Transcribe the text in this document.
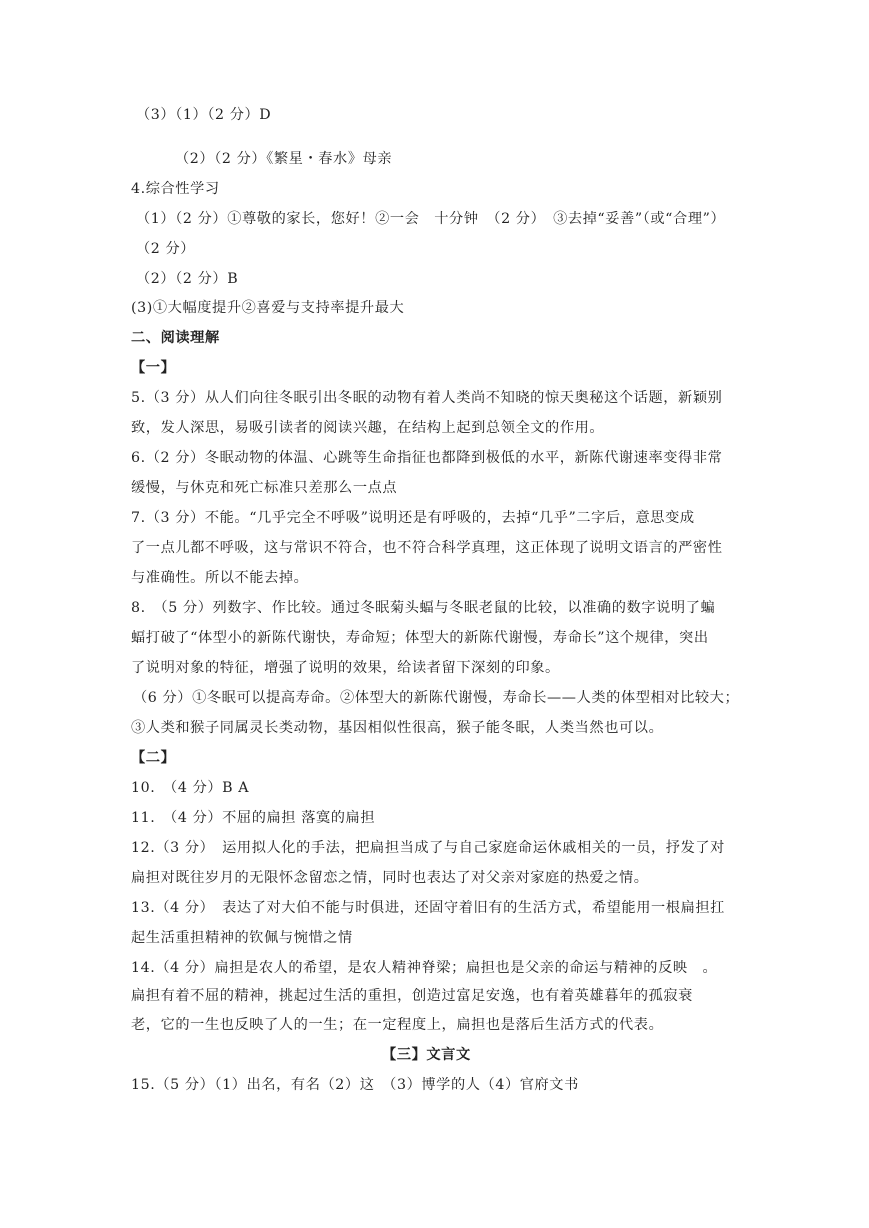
（3）（1）（2 分）D
（2）（2 分）《繁星・春水》母亲
4.综合性学习
（1）（2 分）①尊敬的家长，您好！②一会　十分钟　（2 分）　③去掉“妥善”（或“合理”）
（2 分）
（2）（2 分）B
(3)①大幅度提升②喜爱与支持率提升最大
二、阅读理解
【一】
5.（3 分）从人们向往冬眠引出冬眠的动物有着人类尚不知晓的惊天奥秘这个话题，新颖别
致，发人深思，易吸引读者的阅读兴趣，在结构上起到总领全文的作用。
6.（2 分）冬眠动物的体温、心跳等生命指征也都降到极低的水平，新陈代谢速率变得非常
缓慢，与休克和死亡标准只差那么一点点
7.（3 分）不能。“几乎完全不呼吸”说明还是有呼吸的，去掉“几乎”二字后，意思变成
了一点儿都不呼吸，这与常识不符合，也不符合科学真理，这正体现了说明文语言的严密性
与准确性。所以不能去掉。
8.　（5 分）列数字、作比较。通过冬眠菊头蝠与冬眠老鼠的比较，以准确的数字说明了蝙
蝠打破了“体型小的新陈代谢快，寿命短；体型大的新陈代谢慢，寿命长”这个规律，突出
了说明对象的特征，增强了说明的效果，给读者留下深刻的印象。
（6 分）①冬眠可以提高寿命。②体型大的新陈代谢慢，寿命长——人类的体型相对比较大；
③人类和猴子同属灵长类动物，基因相似性很高，猴子能冬眠，人类当然也可以。
【二】
10.　（4 分）B A
11.　（4 分）不屈的扁担 落寞的扁担
12.（3 分）　运用拟人化的手法，把扁担当成了与自己家庭命运休戚相关的一员，抒发了对
扁担对既往岁月的无限怀念留恋之情，同时也表达了对父亲对家庭的热爱之情。
13.（4 分）　表达了对大伯不能与时俱进，还固守着旧有的生活方式，希望能用一根扁担扛
起生活重担精神的钦佩与惋惜之情
14.（4 分）扁担是农人的希望，是农人精神脊梁；扁担也是父亲的命运与精神的反映　。
扁担有着不屈的精神，挑起过生活的重担，创造过富足安逸，也有着英雄暮年的孤寂衰
老，它的一生也反映了人的一生；在一定程度上，扁担也是落后生活方式的代表。
【三】文言文
15.（5 分）（1）出名，有名（2）这　（3）博学的人（4）官府文书
